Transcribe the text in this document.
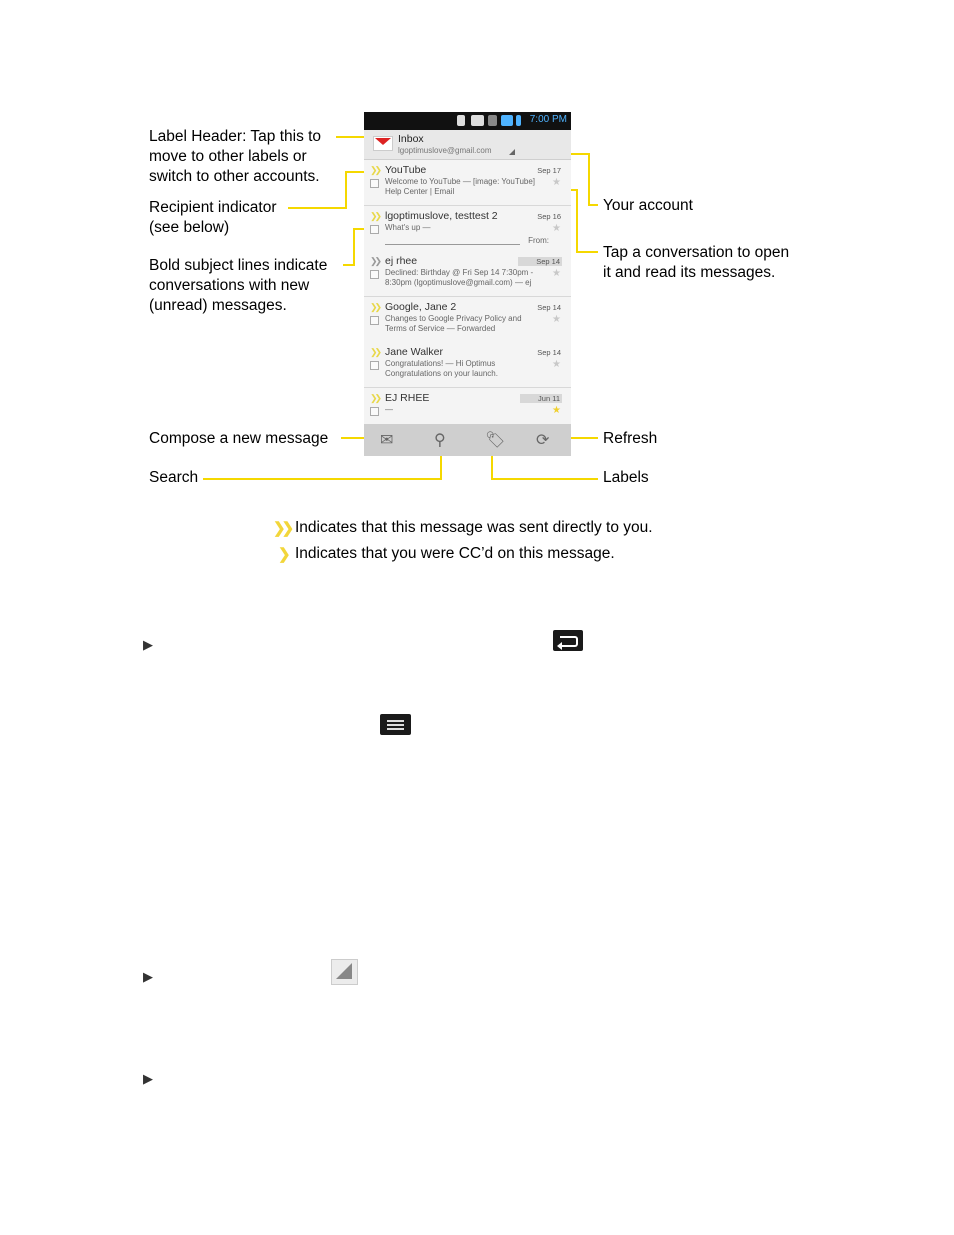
Label Header: Tap this to
move to other labels or
switch to other accounts.
Recipient indicator
(see below)
Bold subject lines indicate
conversations with new
(unread) messages.
Your account
Tap a conversation to open
it and read its messages.
Compose a new message	Refresh
Search	Labels
7:00 PM
Inbox
lgoptimuslove@gmail.com
❯❯ YouTube	Sep 17
Welcome to YouTube — [image: YouTube] Help Center | Email
★
❯❯ lgoptimuslove, testtest 2	Sep 16
What's up —	★
From:
❯❯ ej rhee	Sep 14
Declined: Birthday @ Fri Sep 14 7:30pm - 8:30pm (lgoptimuslove@gmail.com) — ej
★
❯❯ Google, Jane 2	Sep 14
Changes to Google Privacy Policy and Terms of Service — Forwarded
★
❯❯ Jane Walker	Sep 14
Congratulations! — Hi Optimus Congratulations on your launch.
★
❯❯ EJ RHEE	Jun 11
—	★
✉	⚲ 🏷 ⟳
❯❯ Indicates that this message was sent directly to you.
❯ Indicates that you were CC’d on this message.
▶
▶
▶
